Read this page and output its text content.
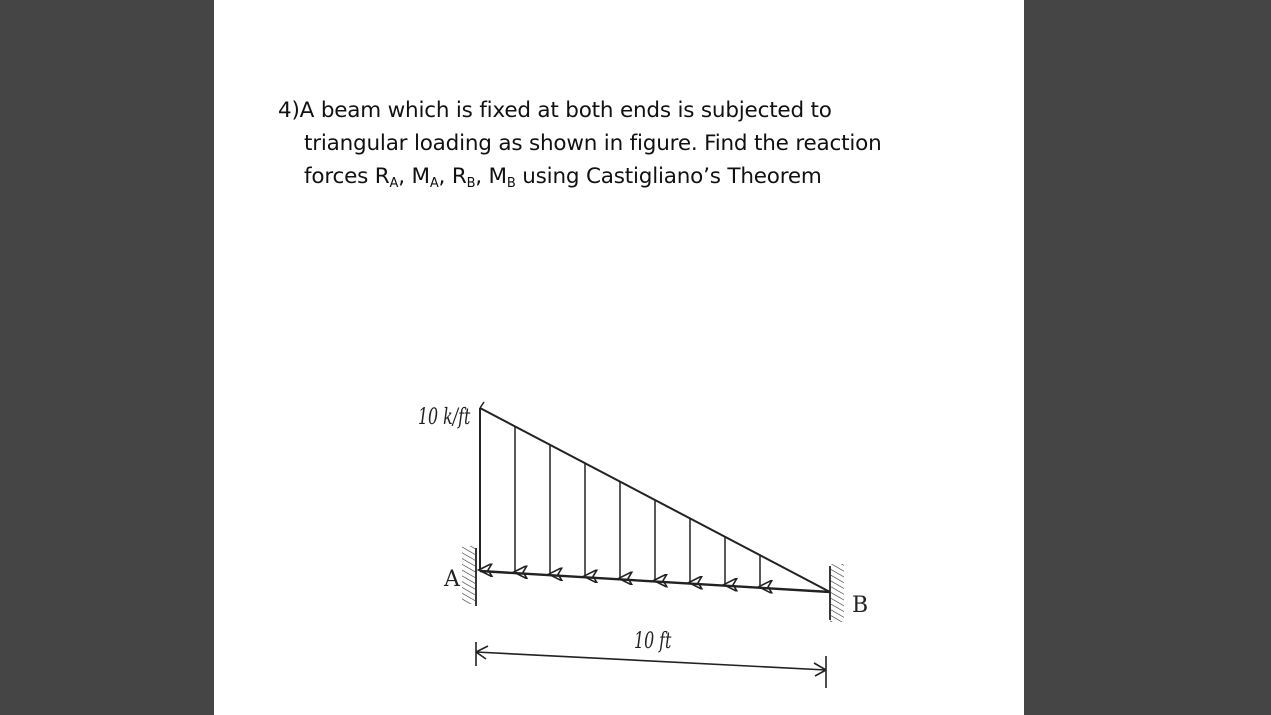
4)A beam which is fixed at both ends is subjected to
triangular loading as shown in figure. Find the reaction
forces $R_A$, $M_A$, $R_B$, $M_B$ using Castigliano’s Theorem
10 k/ft
A
B
10 ft
